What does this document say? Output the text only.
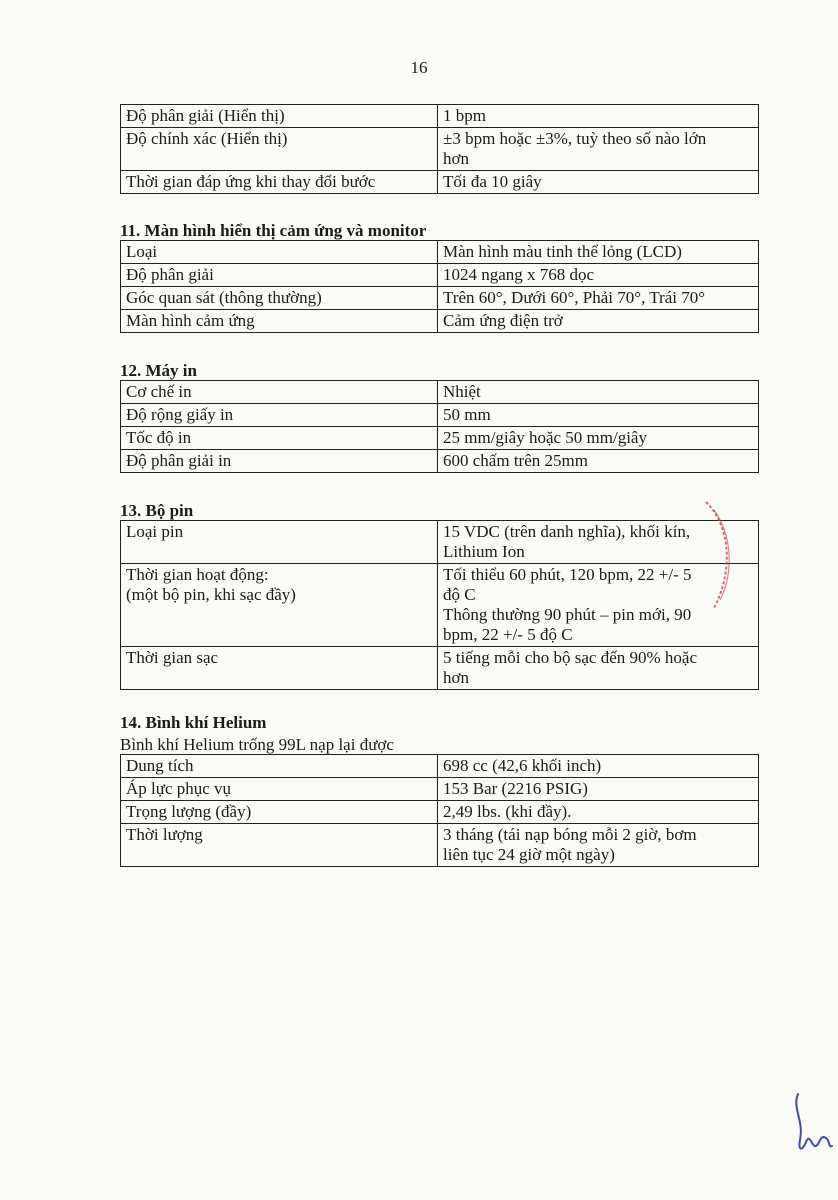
16
Độ phân giải (Hiển thị)	1 bpm
Độ chính xác (Hiển thị)	±3 bpm hoặc ±3%, tuỳ theo số nào lớn
hơn

Thời gian đáp ứng khi thay đổi bước	Tối đa 10 giây

11. Màn hình hiển thị cảm ứng và monitor

Loại	Màn hình màu tinh thể lỏng (LCD)
Độ phân giải	1024 ngang x 768 dọc
Góc quan sát (thông thường)	Trên 60°, Dưới 60°, Phải 70°, Trái 70°
Màn hình cảm ứng	Cảm ứng điện trở

12. Máy in

Cơ chế in	Nhiệt
Độ rộng giấy in	50 mm
Tốc độ in	25 mm/giây hoặc 50 mm/giây
Độ phân giải in	600 chấm trên 25mm

13. Bộ pin

Loại pin	15 VDC (trên danh nghĩa), khối kín,
Lithium Ion

Thời gian hoạt động:
(một bộ pin, khi sạc đầy)	Tối thiểu 60 phút, 120 bpm, 22 +/- 5
độ C
Thông thường 90 phút – pin mới, 90
bpm, 22 +/- 5 độ C

Thời gian sạc	5 tiếng mỗi cho bộ sạc đến 90% hoặc
hơn

14. Bình khí Helium

Bình khí Helium trống 99L nạp lại được

Dung tích	698 cc (42,6 khối inch)
Áp lực phục vụ	153 Bar (2216 PSIG)
Trọng lượng (đầy)	2,49 lbs. (khi đầy).

Thời lượng	3 tháng (tái nạp bóng mỗi 2 giờ, bơm
liên tục 24 giờ một ngày)
